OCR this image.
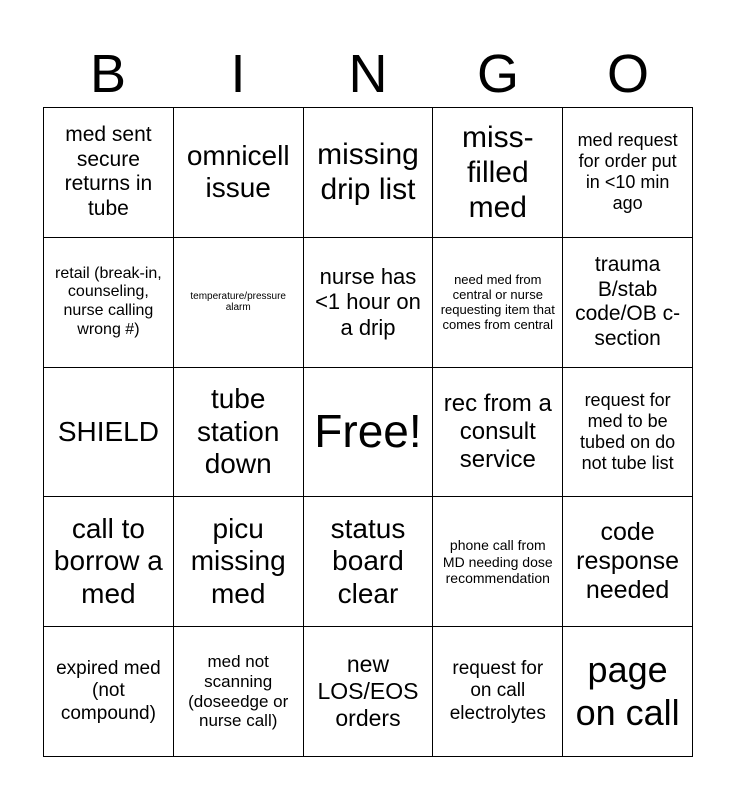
B	I	N	G	O
med sent secure returns in tube
omnicell issue
missing drip list
miss-filled med
med request for order put in <10 min ago
retail (break-in, counseling, nurse calling wrong #)
temperature/pressure alarm
nurse has <1 hour on a drip
need med from central or nurse requesting item that comes from central
trauma B/stab code/OB c-section
SHIELD
tube station down
Free!
rec from a consult service
request for med to be tubed on do not tube list
call to borrow a med
picu missing med
status board clear
phone call from MD needing dose recommendation
code response needed
expired med (not compound)
med not scanning (doseedge or nurse call)
new LOS/EOS orders
request for on call electrolytes
page on call
